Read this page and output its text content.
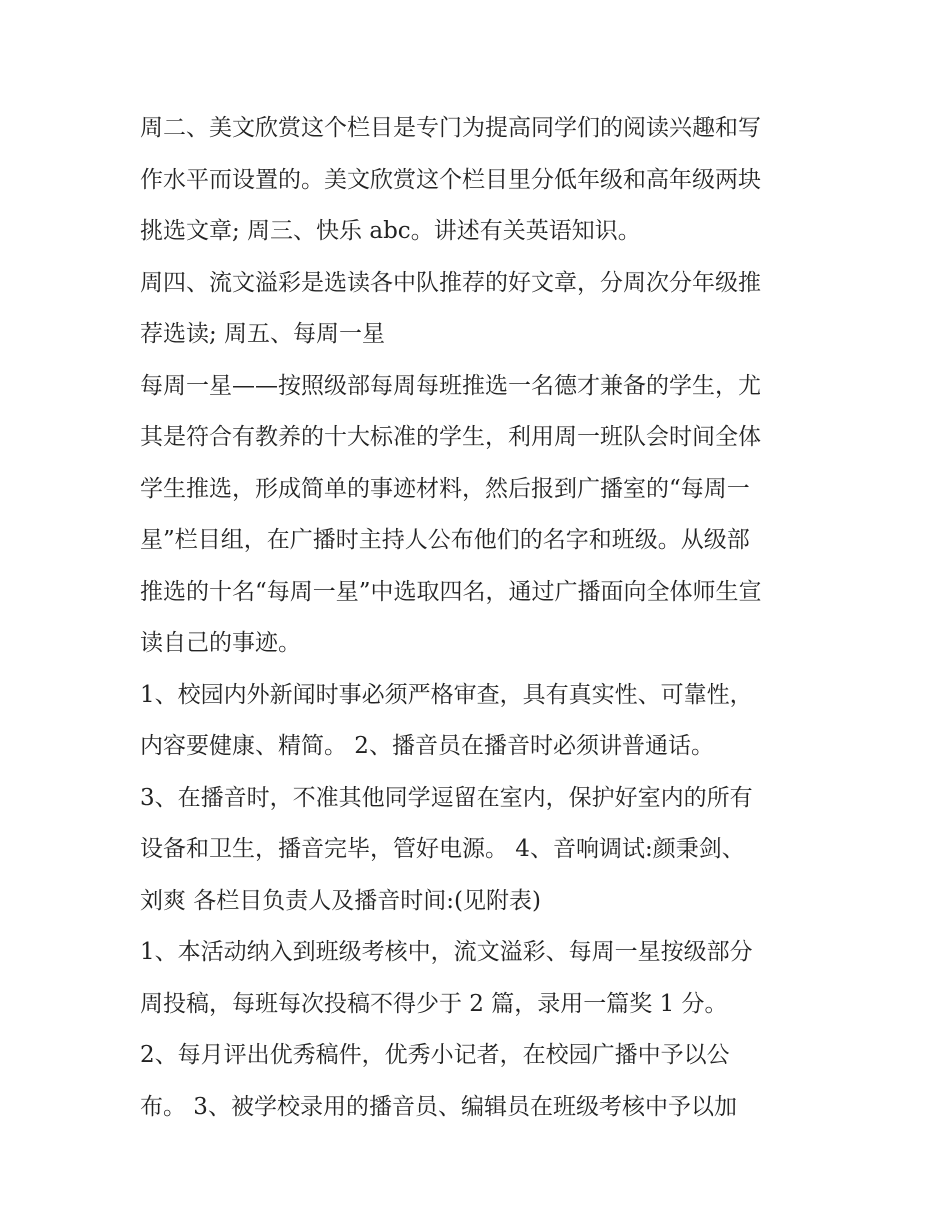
周二、美文欣赏这个栏目是专门为提高同学们的阅读兴趣和写
作水平而设置的。美文欣赏这个栏目里分低年级和高年级两块
挑选文章; 周三、快乐 abc。讲述有关英语知识。
周四、流文溢彩是选读各中队推荐的好文章，分周次分年级推
荐选读; 周五、每周一星
每周一星——按照级部每周每班推选一名德才兼备的学生，尤
其是符合有教养的十大标准的学生，利用周一班队会时间全体
学生推选，形成简单的事迹材料，然后报到广播室的“每周一
星”栏目组，在广播时主持人公布他们的名字和班级。从级部
推选的十名“每周一星”中选取四名，通过广播面向全体师生宣
读自己的事迹。
1、校园内外新闻时事必须严格审查，具有真实性、可靠性，
内容要健康、精简。 2、播音员在播音时必须讲普通话。
3、在播音时，不准其他同学逗留在室内，保护好室内的所有
设备和卫生，播音完毕，管好电源。 4、音响调试:颜秉剑、
刘爽 各栏目负责人及播音时间:(见附表)
1、本活动纳入到班级考核中，流文溢彩、每周一星按级部分
周投稿，每班每次投稿不得少于 2 篇，录用一篇奖 1 分。
2、每月评出优秀稿件，优秀小记者，在校园广播中予以公
布。 3、被学校录用的播音员、编辑员在班级考核中予以加
